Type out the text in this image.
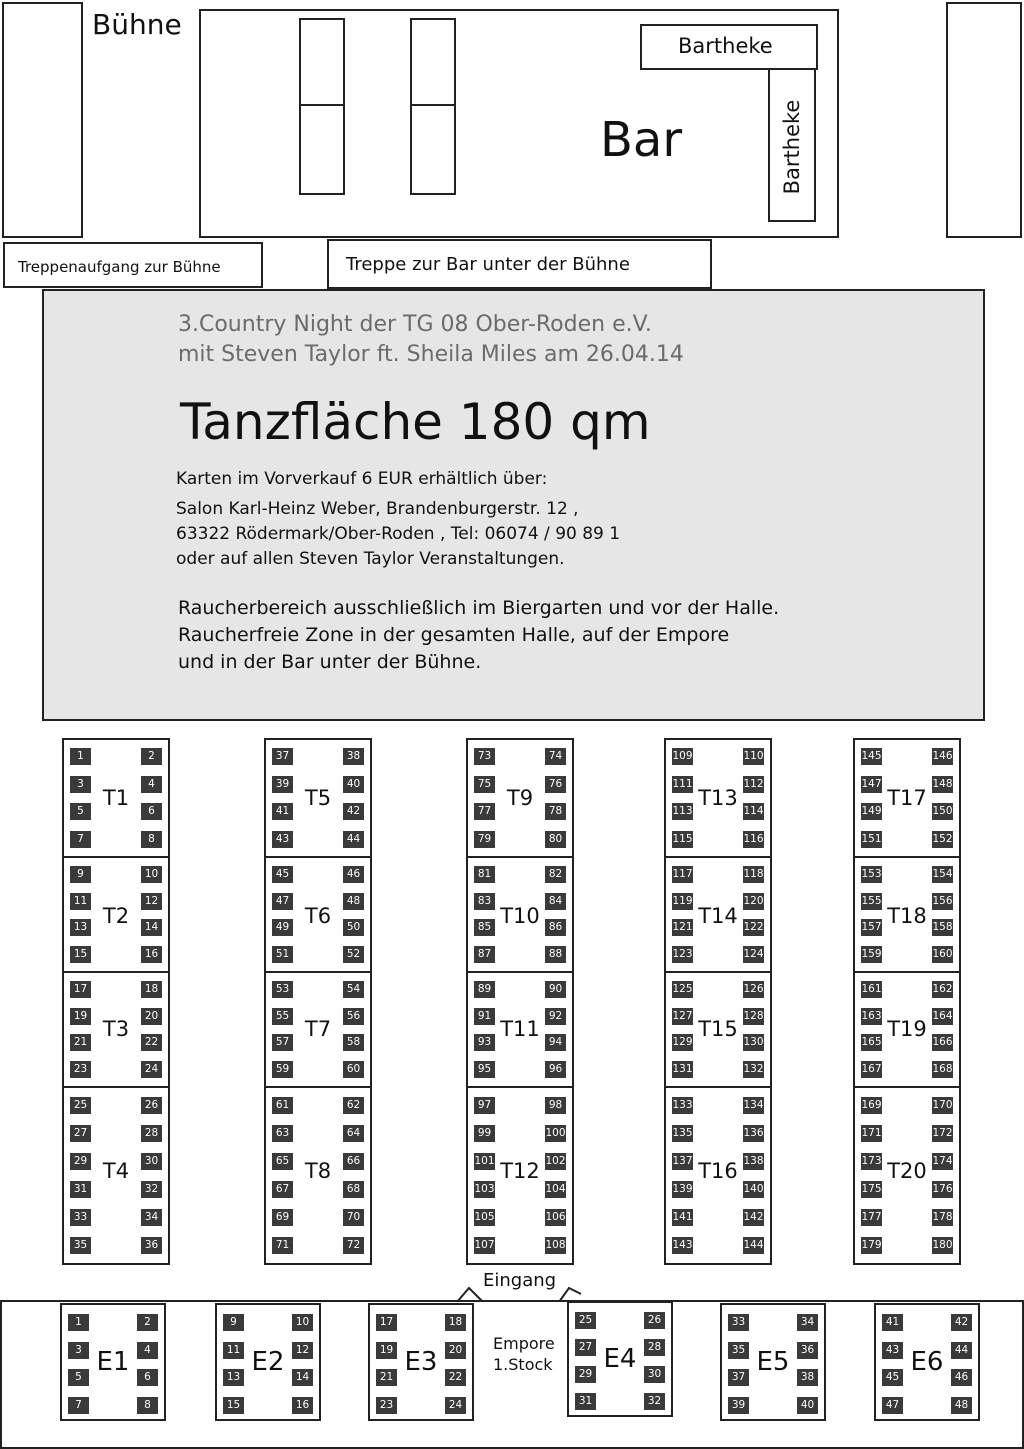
Bühne
Bar
Bartheke
Bartheke
Treppenaufgang zur Bühne	Treppe zur Bar unter der Bühne
3.Country Night der TG 08 Ober-Roden e.V.
mit Steven Taylor ft. Sheila Miles am 26.04.14
Tanzfläche 180 qm
Karten im Vorverkauf 6 EUR erhältlich über:
Salon Karl-Heinz Weber, Brandenburgerstr. 12 ,
63322 Rödermark/Ober-Roden , Tel: 06074 / 90 89 1
oder auf allen Steven Taylor Veranstaltungen.
Raucherbereich ausschließlich im Biergarten und vor der Halle.
Raucherfreie Zone in der gesamten Halle, auf der Empore
und in der Bar unter der Bühne.
1	2
3	4
5	6
7	8
T1
9	10
11	12
13	14
15	16
T2
17	18
19	20
21	22
23	24
T3
25	26
27	28
29	30
31	32
33	34
35	36
T4
37	38
39	40
41	42
43	44
T5
45	46
47	48
49	50
51	52
T6
53	54
55	56
57	58
59	60
T7
61	62
63	64
65	66
67	68
69	70
71	72
T8
73	74
75	76
77	78
79	80
T9
81	82
83	84
85	86
87	88
T10
89	90
91	92
93	94
95	96
T11
97	98
99	100
101	102
103	104
105	106
107	108
T12
109	110
111	112
113	114
115	116
T13
117	118
119	120
121	122
123	124
T14
125	126
127	128
129	130
131	132
T15
133	134
135	136
137	138
139	140
141	142
143	144
T16
145	146
147	148
149	150
151	152
T17
153	154
155	156
157	158
159	160
T18
161	162
163	164
165	166
167	168
T19
169	170
171	172
173	174
175	176
177	178
179	180
T20
Eingang
Empore
1.Stock
1	2
3	4
5	6
7	8
E1
9	10
11	12
13	14
15	16
E2
17	18
19	20
21	22
23	24
E3
25	26
27	28
29	30
31	32
E4
33	34
35	36
37	38
39	40
E5
41	42
43	44
45	46
47	48
E6
